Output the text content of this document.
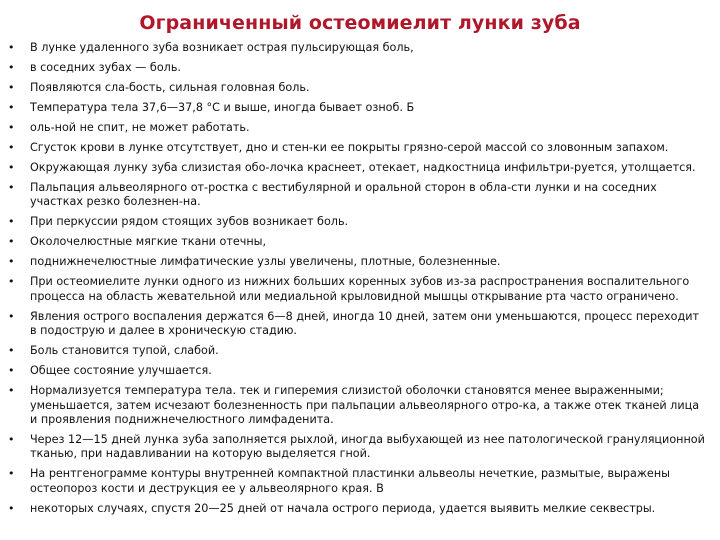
Ограниченный остеомиелит лунки зуба
• В лунке удаленного зуба возникает острая пульсирующая боль,
• в соседних зубах — боль.
• Появляются сла-бость, сильная головная боль.
• Температура тела 37,6—37,8 °С и выше, иногда бывает озноб. Б
• оль-ной не спит, не может работать.
• Сгусток крови в лунке отсутствует, дно и стен-ки ее покрыты грязно-серой массой со зловонным запахом.
• Окружающая лунку зуба слизистая обо-лочка краснеет, отекает, надкостница инфильтри-руется, утолщается.
• Пальпация альвеолярного от-ростка с вестибулярной и оральной сторон в обла-сти лунки и на соседних участках резко болезнен-на.
• При перкуссии рядом стоящих зубов возникает боль.
• Околочелюстные мягкие ткани отечны,
• поднижнечелюстные лимфатические узлы увеличены, плотные, болезненные.
• При остеомиелите лунки одного из нижних больших коренных зубов из-за распространения воспалительного процесса на область жевательной или медиальной крыловидной мышцы открывание рта часто ограничено.
• Явления острого воспаления держатся 6—8 дней, иногда 10 дней, затем они уменьшаются, процесс переходит в подострую и далее в хроническую стадию.
• Боль становится тупой, слабой.
• Общее состояние улучшается.
• Нормализуется температура тела. тек и гиперемия слизистой оболочки становятся менее выраженными; уменьшается, затем исчезают болезненность при пальпации альвеолярного отро-ка, а также отек тканей лица и проявления поднижнечелюстного лимфаденита.
• Через 12—15 дней лунка зуба заполняется рыхлой, иногда выбухающей из нее патологической грануляционной тканью, при надавливании на которую выделяется гной.
• На рентгенограмме контуры внутренней компактной пластинки альвеолы нечеткие, размытые, выражены остеопороз кости и деструкция ее у альвеолярного края. В
• некоторых случаях, спустя 20—25 дней от начала острого периода, удается выявить мелкие секвестры.
